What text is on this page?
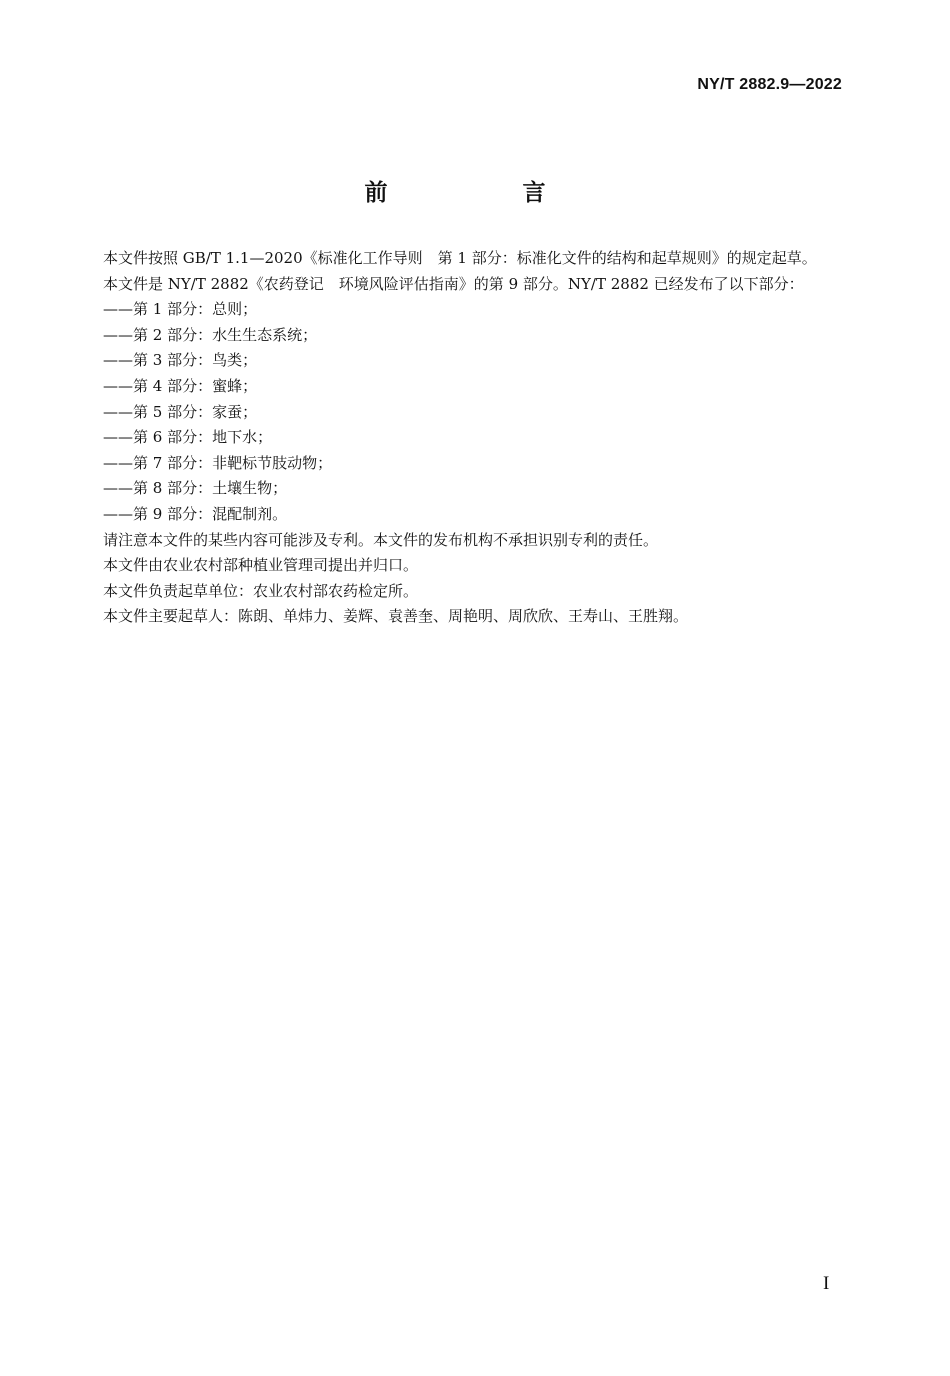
NY/T 2882.9—2022
前　言

本文件按照 GB/T 1.1—2020《标准化工作导则　第 1 部分：标准化文件的结构和起草规则》的规定起草。

本文件是 NY/T 2882《农药登记　环境风险评估指南》的第 9 部分。NY/T 2882 已经发布了以下部分：

——第 1 部分：总则；

——第 2 部分：水生生态系统；

——第 3 部分：鸟类；

——第 4 部分：蜜蜂；

——第 5 部分：家蚕；

——第 6 部分：地下水；

——第 7 部分：非靶标节肢动物；

——第 8 部分：土壤生物；

——第 9 部分：混配制剂。

请注意本文件的某些内容可能涉及专利。本文件的发布机构不承担识别专利的责任。

本文件由农业农村部种植业管理司提出并归口。

本文件负责起草单位：农业农村部农药检定所。

本文件主要起草人：陈朗、单炜力、姜辉、袁善奎、周艳明、周欣欣、王寿山、王胜翔。

I
